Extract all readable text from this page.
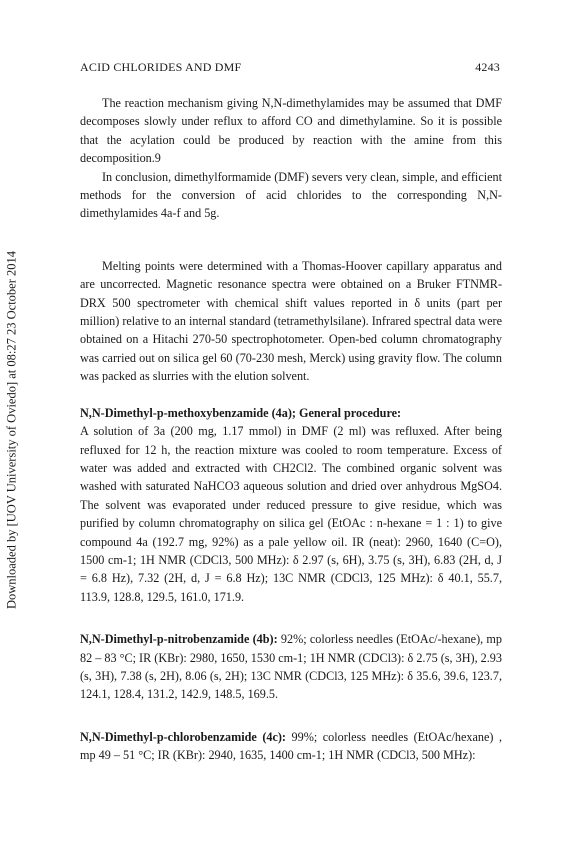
ACID CHLORIDES AND DMF	4243
Downloaded by [UOV University of Oviedo] at 08:27 23 October 2014

The reaction mechanism giving N,N-dimethylamides may be assumed that DMF decomposes slowly under reflux to afford CO and dimethylamine. So it is possible that the acylation could be produced by reaction with the amine from this decomposition.9

In conclusion, dimethylformamide (DMF) severs very clean, simple, and efficient methods for the conversion of acid chlorides to the corresponding N,N-dimethylamides 4a-f and 5g.

Melting points were determined with a Thomas-Hoover capillary apparatus and are uncorrected. Magnetic resonance spectra were obtained on a Bruker FTNMR-DRX 500 spectrometer with chemical shift values reported in δ units (part per million) relative to an internal standard (tetramethylsilane). Infrared spectral data were obtained on a Hitachi 270-50 spectrophotometer. Open-bed column chromatography was carried out on silica gel 60 (70-230 mesh, Merck) using gravity flow. The column was packed as slurries with the elution solvent.

N,N-Dimethyl-p-methoxybenzamide (4a); General procedure:

A solution of 3a (200 mg, 1.17 mmol) in DMF (2 ml) was refluxed. After being refluxed for 12 h, the reaction mixture was cooled to room temperature. Excess of water was added and extracted with CH2Cl2. The combined organic solvent was washed with saturated NaHCO3 aqueous solution and dried over anhydrous MgSO4. The solvent was evaporated under reduced pressure to give residue, which was purified by column chromatography on silica gel (EtOAc : n-hexane = 1 : 1) to give compound 4a (192.7 mg, 92%) as a pale yellow oil. IR (neat): 2960, 1640 (C=O), 1500 cm-1; 1H NMR (CDCl3, 500 MHz): δ 2.97 (s, 6H), 3.75 (s, 3H), 6.83 (2H, d, J = 6.8 Hz), 7.32 (2H, d, J = 6.8 Hz); 13C NMR (CDCl3, 125 MHz): δ 40.1, 55.7, 113.9, 128.8, 129.5, 161.0, 171.9.

N,N-Dimethyl-p-nitrobenzamide (4b): 92%; colorless needles (EtOAc/-hexane), mp 82 – 83 °C; IR (KBr): 2980, 1650, 1530 cm-1; 1H NMR (CDCl3): δ 2.75 (s, 3H), 2.93 (s, 3H), 7.38 (s, 2H), 8.06 (s, 2H); 13C NMR (CDCl3, 125 MHz): δ 35.6, 39.6, 123.7, 124.1, 128.4, 131.2, 142.9, 148.5, 169.5.

N,N-Dimethyl-p-chlorobenzamide (4c): 99%; colorless needles (EtOAc/hexane) , mp 49 – 51 °C; IR (KBr): 2940, 1635, 1400 cm-1; 1H NMR (CDCl3, 500 MHz):
